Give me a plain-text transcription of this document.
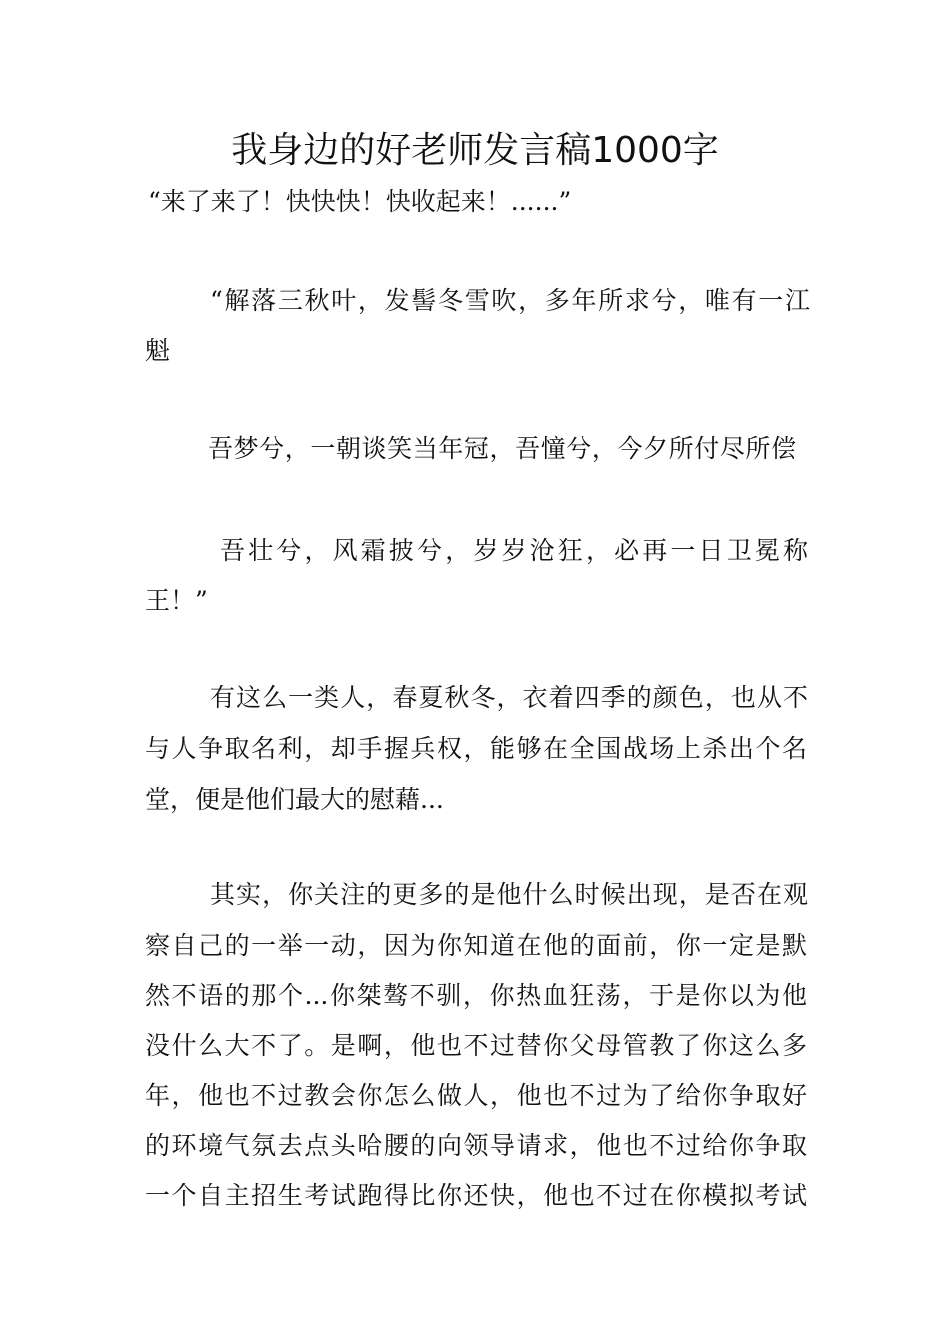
我身边的好老师发言稿1000字

“来了来了！快快快！快收起来！......”

“解落三秋叶，发髻冬雪吹，多年所求兮，唯有一江

魁

吾梦兮，一朝谈笑当年冠，吾憧兮，今夕所付尽所偿

吾壮兮，风霜披兮，岁岁沧狂，必再一日卫冕称

王！”

有这么一类人，春夏秋冬，衣着四季的颜色，也从不

与人争取名利，却手握兵权，能够在全国战场上杀出个名

堂，便是他们最大的慰藉...

其实，你关注的更多的是他什么时候出现，是否在观

察自己的一举一动，因为你知道在他的面前，你一定是默

然不语的那个...你桀骜不驯，你热血狂荡，于是你以为他

没什么大不了。是啊，他也不过替你父母管教了你这么多

年，他也不过教会你怎么做人，他也不过为了给你争取好

的环境气氛去点头哈腰的向领导请求，他也不过给你争取

一个自主招生考试跑得比你还快，他也不过在你模拟考试
